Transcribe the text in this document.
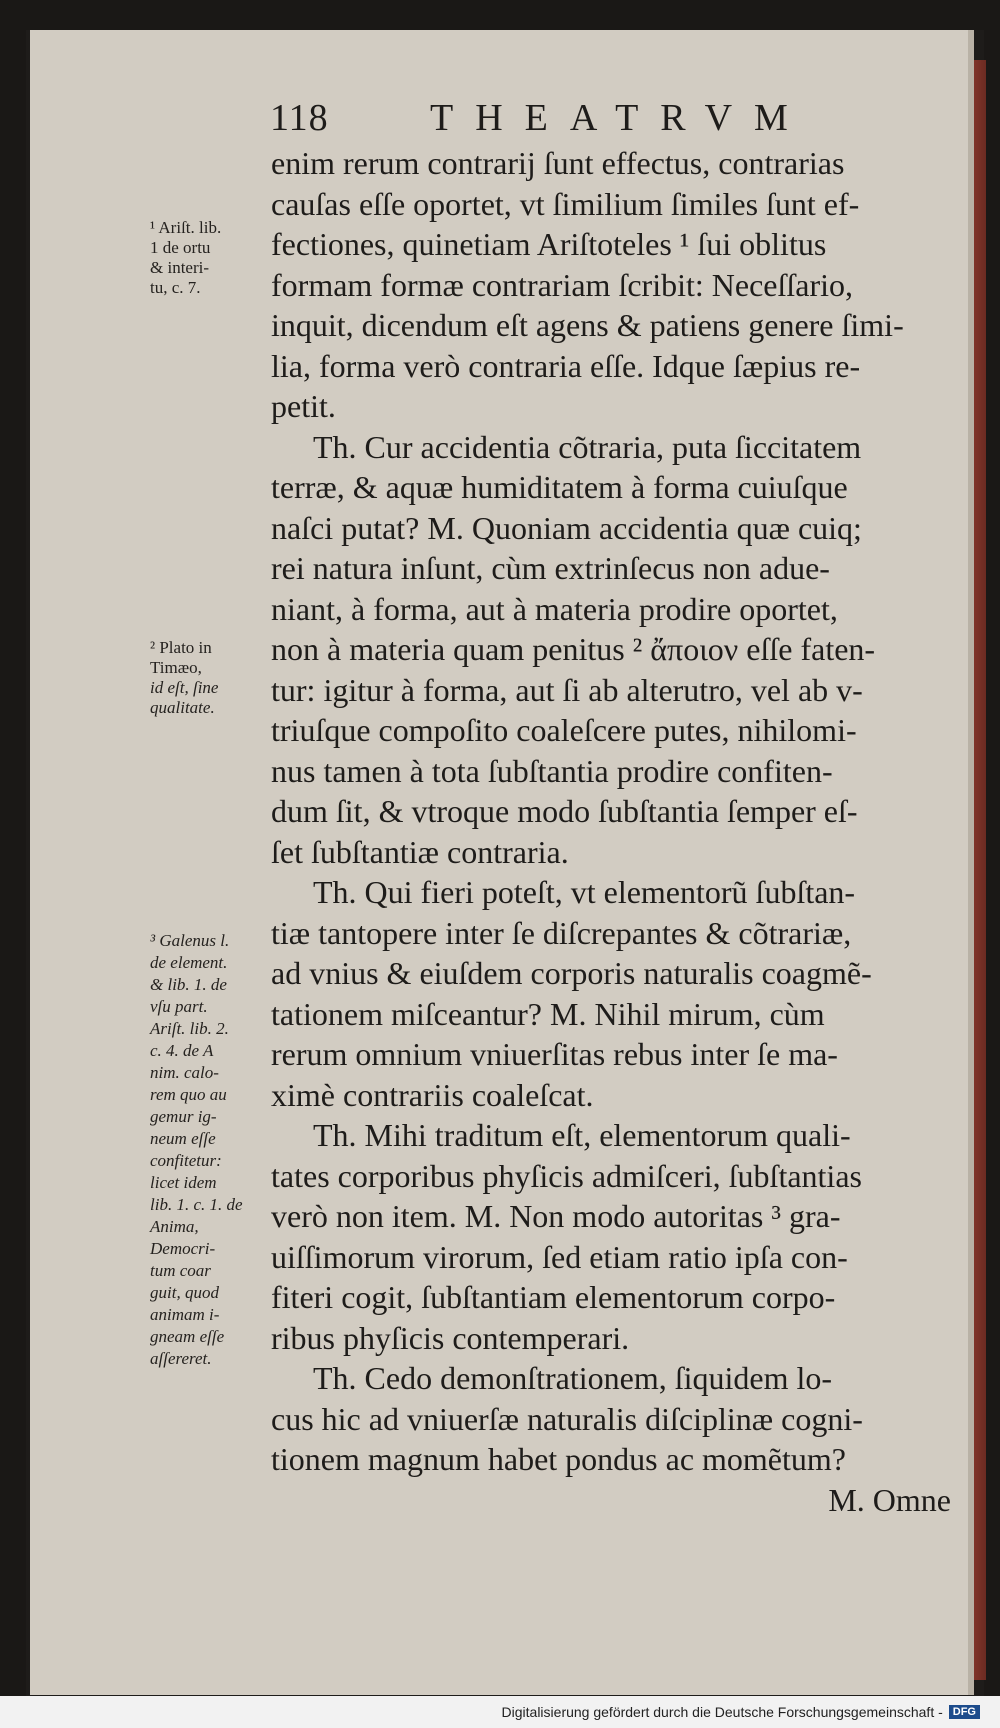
118	THEATRVM
enim rerum contrarij ſunt effectus, contrarias
cauſas eſſe oportet, vt ſimilium ſimiles ſunt ef-
fectiones, quinetiam Ariſtoteles ¹ ſui oblitus
formam formæ contrariam ſcribit: Neceſſario,
inquit, dicendum eſt agens & patiens genere ſimi-
lia, forma verò contraria eſſe. Idque ſæpius re-
petit.
Th. Cur accidentia cõtraria, puta ſiccitatem
terræ, & aquæ humiditatem à forma cuiuſque
naſci putat? M. Quoniam accidentia quæ cuiq;
rei natura inſunt, cùm extrinſecus non adue-
niant, à forma, aut à materia prodire oportet,
non à materia quam penitus ² ἄποιον eſſe faten-
tur: igitur à forma, aut ſi ab alterutro, vel ab v-
triuſque compoſito coaleſcere putes, nihilomi-
nus tamen à tota ſubſtantia prodire confiten-
dum ſit, & vtroque modo ſubſtantia ſemper eſ-
ſet ſubſtantiæ contraria.
Th. Qui fieri poteſt, vt elementorũ ſubſtan-
tiæ tantopere inter ſe diſcrepantes & cõtrariæ,
ad vnius & eiuſdem corporis naturalis coagmẽ-
tationem miſceantur? M. Nihil mirum, cùm
rerum omnium vniuerſitas rebus inter ſe ma-
ximè contrariis coaleſcat.
Th. Mihi traditum eſt, elementorum quali-
tates corporibus phyſicis admiſceri, ſubſtantias
verò non item. M. Non modo autoritas ³ gra-
uiſſimorum virorum, ſed etiam ratio ipſa con-
fiteri cogit, ſubſtantiam elementorum corpo-
ribus phyſicis contemperari.
Th. Cedo demonſtrationem, ſiquidem lo-
cus hic ad vniuerſæ naturalis diſciplinæ cogni-
tionem magnum habet pondus ac momẽtum?
M. Omne
¹ Ariſt. lib.
1 de ortu
& interi-
tu, c. 7.
² Plato in
Timæo,
id eſt, ſine
qualitate.
³ Galenus l.
de element.
& lib. 1. de
vſu part.
Ariſt. lib. 2.
c. 4. de A
nim. calo-
rem quo au
gemur ig-
neum eſſe
confitetur:
licet idem
lib. 1. c. 1. de
Anima,
Democri-
tum coar
guit, quod
animam i-
gneam eſſe
aſſereret.
Digitalisierung gefördert durch die Deutsche Forschungsgemeinschaft - DFG
